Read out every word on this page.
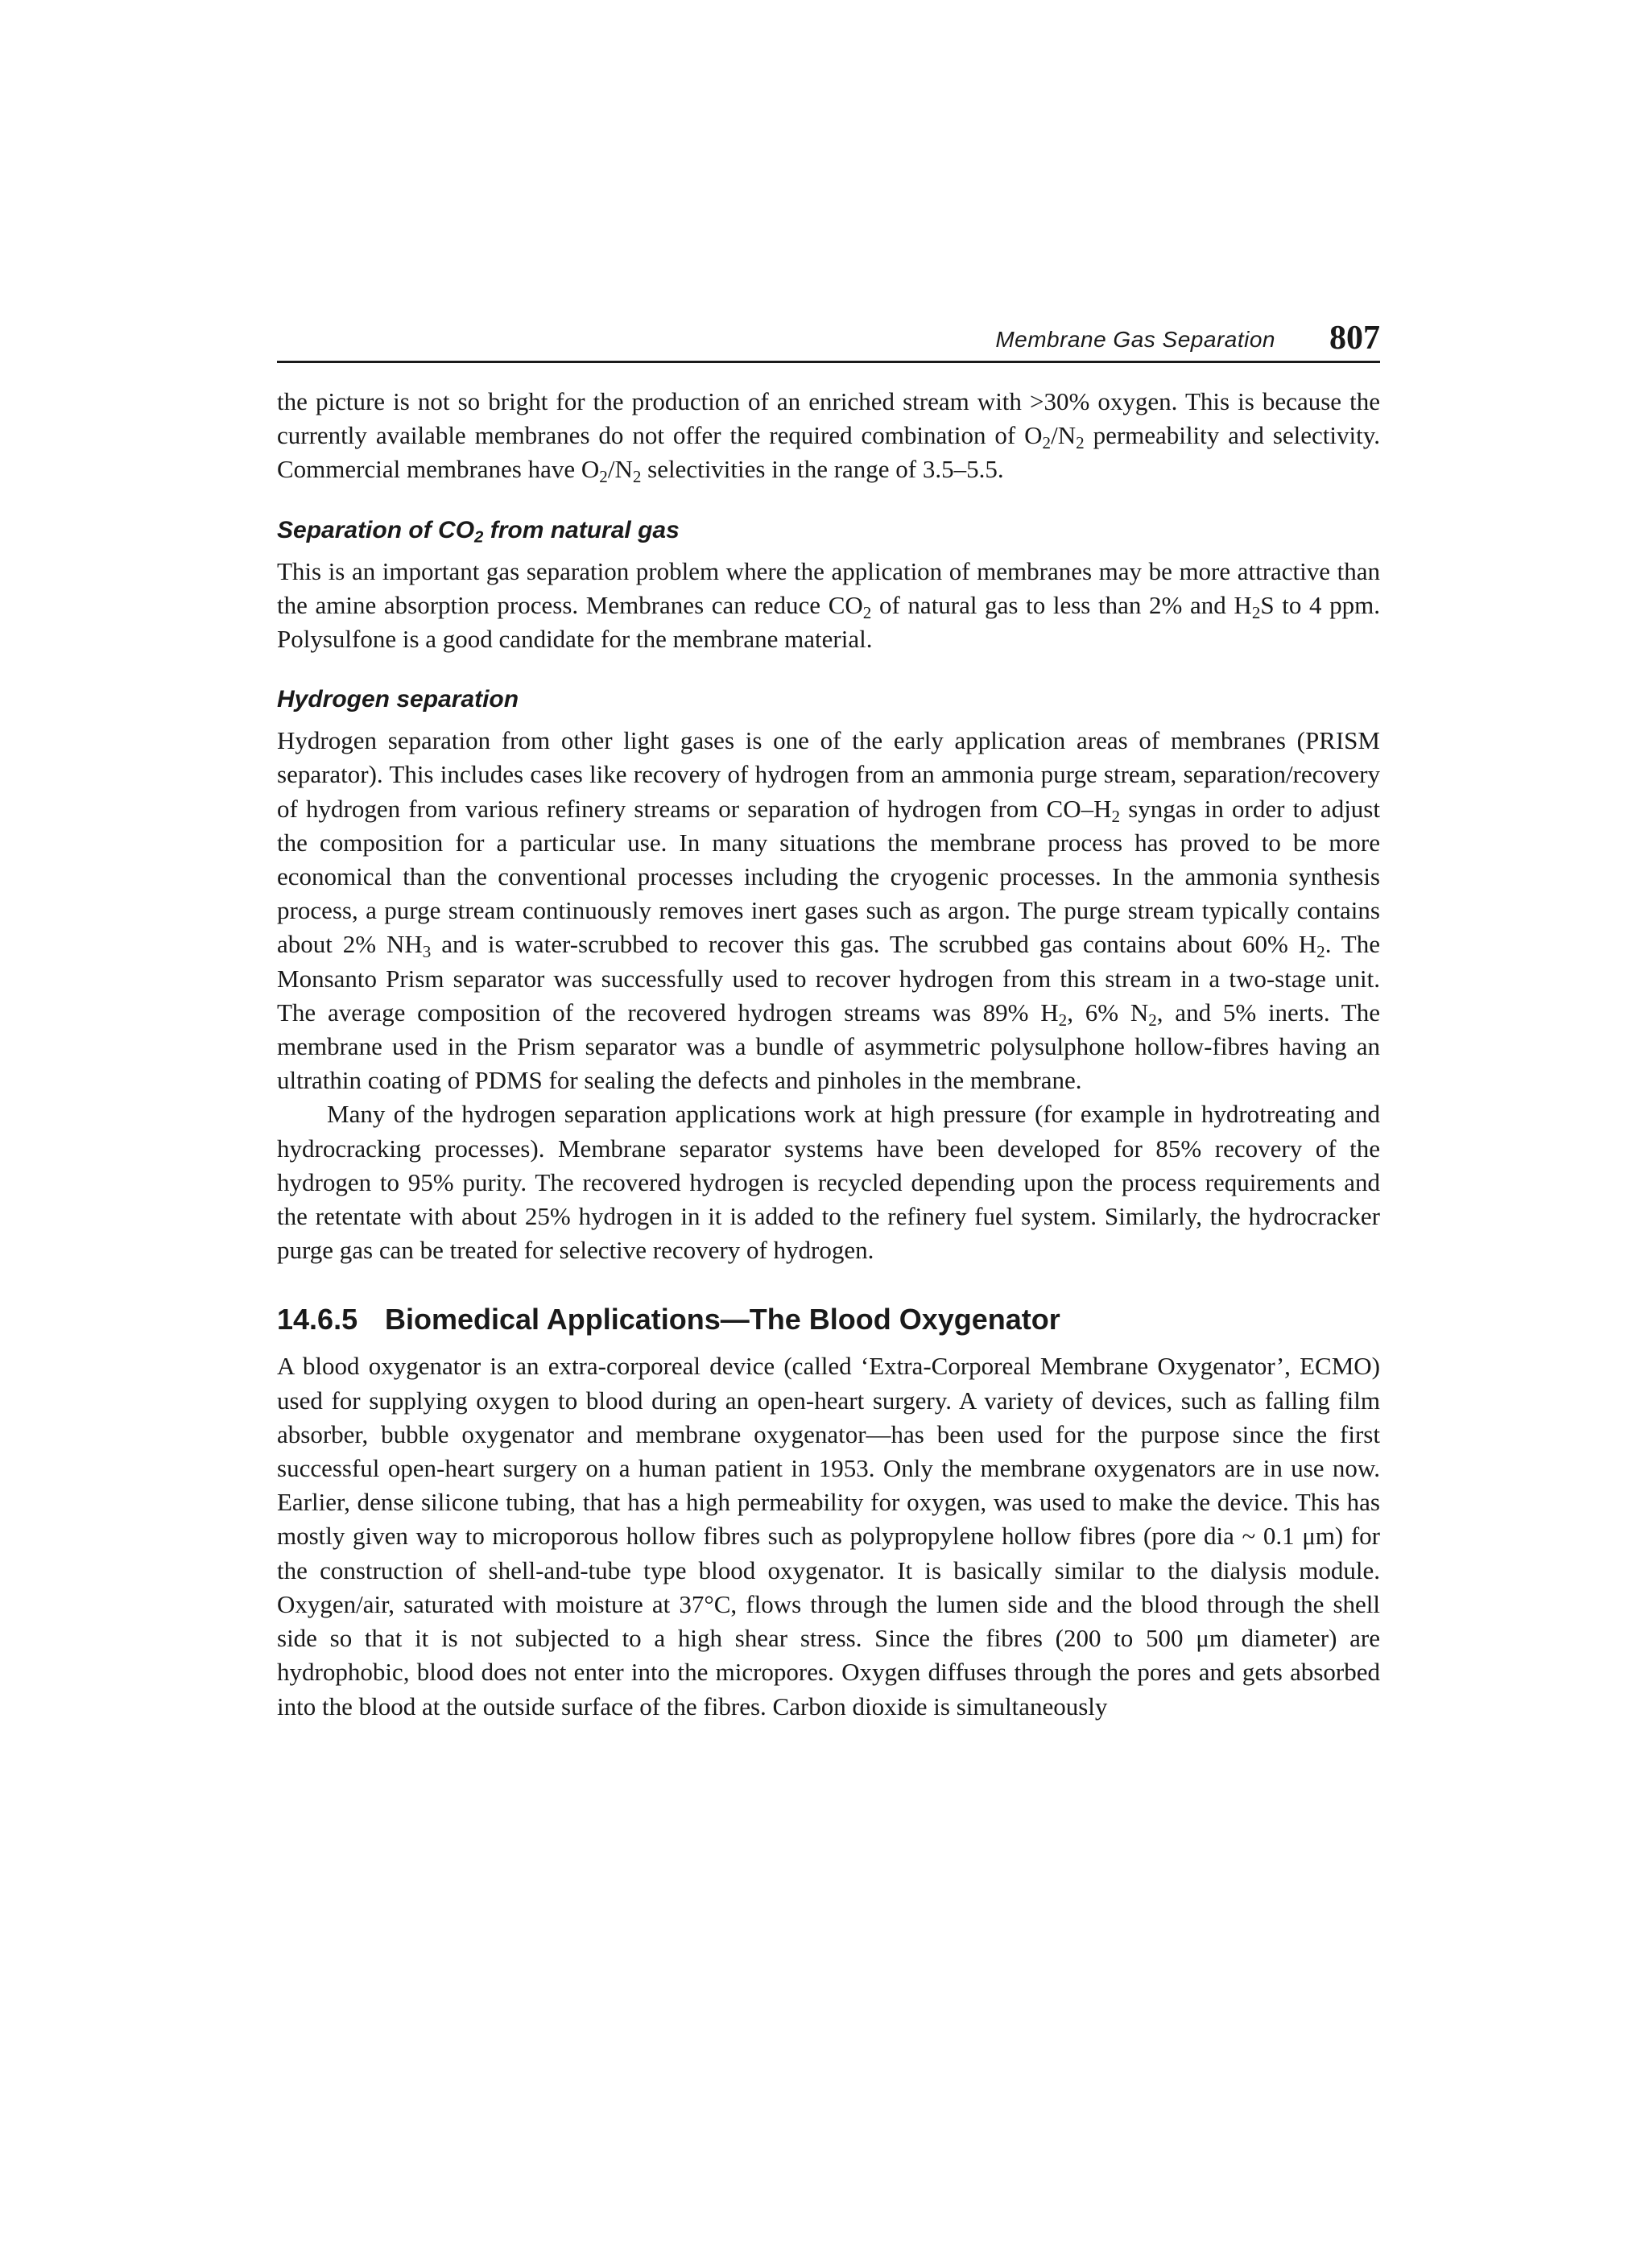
Membrane Gas Separation 807

the picture is not so bright for the production of an enriched stream with >30% oxygen. This is because the currently available membranes do not offer the required combination of $O_2/N_2$ permeability and selectivity. Commercial membranes have $O_2/N_2$ selectivities in the range of 3.5–5.5.

Separation of $CO_2$ from natural gas

This is an important gas separation problem where the application of membranes may be more attractive than the amine absorption process. Membranes can reduce $CO_2$ of natural gas to less than 2% and $H_2S$ to 4 ppm. Polysulfone is a good candidate for the membrane material.

Hydrogen separation

Hydrogen separation from other light gases is one of the early application areas of membranes (PRISM separator). This includes cases like recovery of hydrogen from an ammonia purge stream, separation/recovery of hydrogen from various refinery streams or separation of hydrogen from $CO-H_2$ syngas in order to adjust the composition for a particular use. In many situations the membrane process has proved to be more economical than the conventional processes including the cryogenic processes. In the ammonia synthesis process, a purge stream continuously removes inert gases such as argon. The purge stream typically contains about 2% $NH_3$ and is water-scrubbed to recover this gas. The scrubbed gas contains about 60% $H_2$. The Monsanto Prism separator was successfully used to recover hydrogen from this stream in a two-stage unit. The average composition of the recovered hydrogen streams was 89% $H_2$, 6% $N_2$, and 5% inerts. The membrane used in the Prism separator was a bundle of asymmetric polysulphone hollow-fibres having an ultrathin coating of PDMS for sealing the defects and pinholes in the membrane.

Many of the hydrogen separation applications work at high pressure (for example in hydrotreating and hydrocracking processes). Membrane separator systems have been developed for 85% recovery of the hydrogen to 95% purity. The recovered hydrogen is recycled depending upon the process requirements and the retentate with about 25% hydrogen in it is added to the refinery fuel system. Similarly, the hydrocracker purge gas can be treated for selective recovery of hydrogen.

14.6.5 Biomedical Applications—The Blood Oxygenator

A blood oxygenator is an extra-corporeal device (called ‘Extra-Corporeal Membrane Oxygenator’, ECMO) used for supplying oxygen to blood during an open-heart surgery. A variety of devices, such as falling film absorber, bubble oxygenator and membrane oxygenator—has been used for the purpose since the first successful open-heart surgery on a human patient in 1953. Only the membrane oxygenators are in use now. Earlier, dense silicone tubing, that has a high permeability for oxygen, was used to make the device. This has mostly given way to microporous hollow fibres such as polypropylene hollow fibres (pore dia ~ 0.1 μm) for the construction of shell-and-tube type blood oxygenator. It is basically similar to the dialysis module. Oxygen/air, saturated with moisture at 37°C, flows through the lumen side and the blood through the shell side so that it is not subjected to a high shear stress. Since the fibres (200 to 500 μm diameter) are hydrophobic, blood does not enter into the micropores. Oxygen diffuses through the pores and gets absorbed into the blood at the outside surface of the fibres. Carbon dioxide is simultaneously
